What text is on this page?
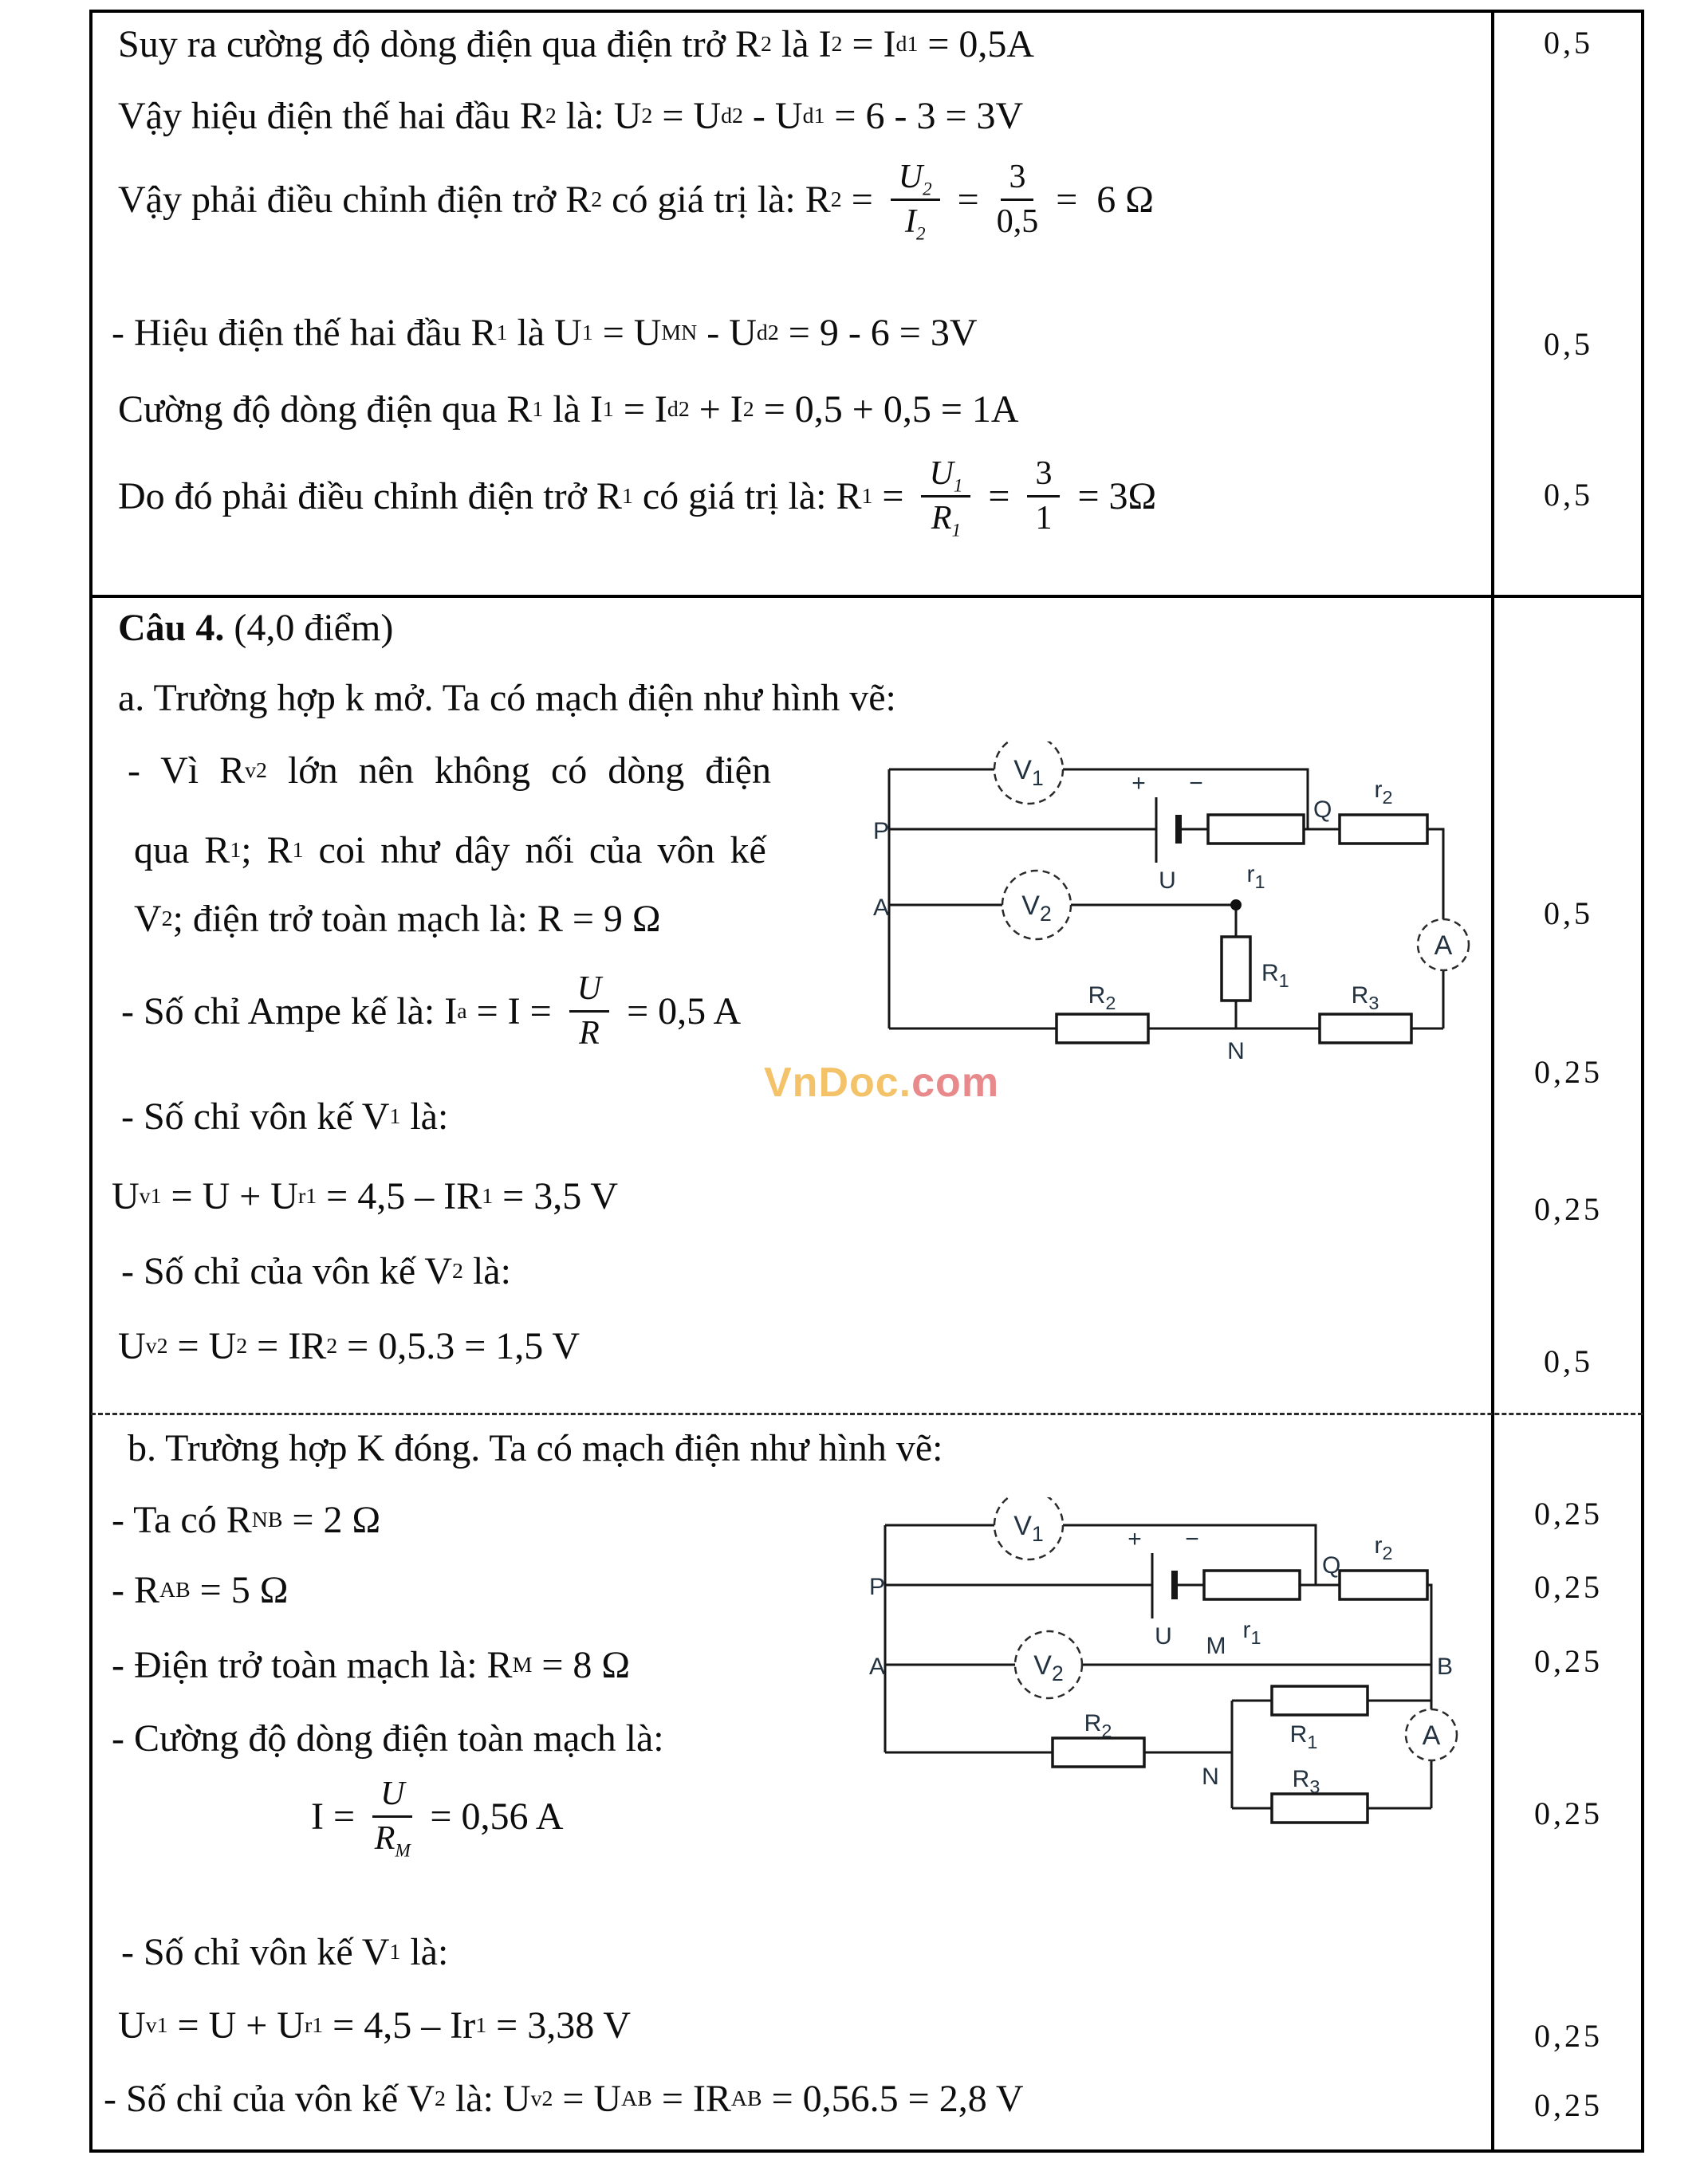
Suy ra cường độ dòng điện qua điện trở R 2 là I 2 = I d1 = 0,5A
Vậy hiệu điện thế hai đầu R 2 là: U 2 = U d2 - U d1 = 6 - 3 = 3V
Vậy phải điều chỉnh điện trở R 2 có giá trị là: R $2 = \frac{U_2}{I_2} = \frac{3}{0,5} = 6$ Ω
- Hiệu điện thế hai đầu R 1 là U 1 = U MN - U d2 = 9 - 6 = 3V
Cường độ dòng điện qua R 1 là I 1 = I d2 + I 2 = 0,5 + 0,5 = 1A
Do đó phải điều chỉnh điện trở R 1 có giá trị là: R $1 = \frac{U_1}{R_1} = \frac{3}{1} = 3\Omega$
Câu 4. (4,0 điểm)
a. Trường hợp k mở. Ta có mạch điện như hình vẽ:
- Vì R v2 lớn nên không có dòng điện
qua R 1 ; R 1 coi như dây nối của vôn kế
V 2 ; điện trở toàn mạch là: R = 9 Ω
- Số chỉ Ampe kế là: I $a = I = \frac{U}{R} = 0,5$ A
- Số chỉ vôn kế V 1 là:
U v1 = U + U r1 = 4,5 – IR 1 = 3,5 V
- Số chỉ của vôn kế V 2 là:
U v2 = U 2 = IR 2 = 0,5.3 = 1,5 V
b. Trường hợp K đóng. Ta có mạch điện như hình vẽ:
- Ta có R NB = 2 Ω
- R AB = 5 Ω
- Điện trở toàn mạch là: R M = 8 Ω
- Cường độ dòng điện toàn mạch là:
$I = \frac{U}{R_M} = 0,56$ A
- Số chỉ vôn kế V 1 là:
U v1 = U + U r1 = 4,5 – Ir 1 = 3,38 V
- Số chỉ của vôn kế V 2 là: U v2 = U AB = IR AB = 0,56.5 = 2,8 V
0,5
0,5
0,5
0,5
0,25
0,25
0,5
0,25
0,25
0,25
0,25
0,25
0,25
VnDoc.com
$V_1$
$V_2$
A
P
A
Q
N
U
+ −
$r_1$
$r_2$
$R_1$
$R_2$	$R_3$
$V_1$
$V_2$
A
P
A
Q
M
B
N
U
+ −
$r_1$
$r_2$
$R_1$
$R_2$
$R_3$
